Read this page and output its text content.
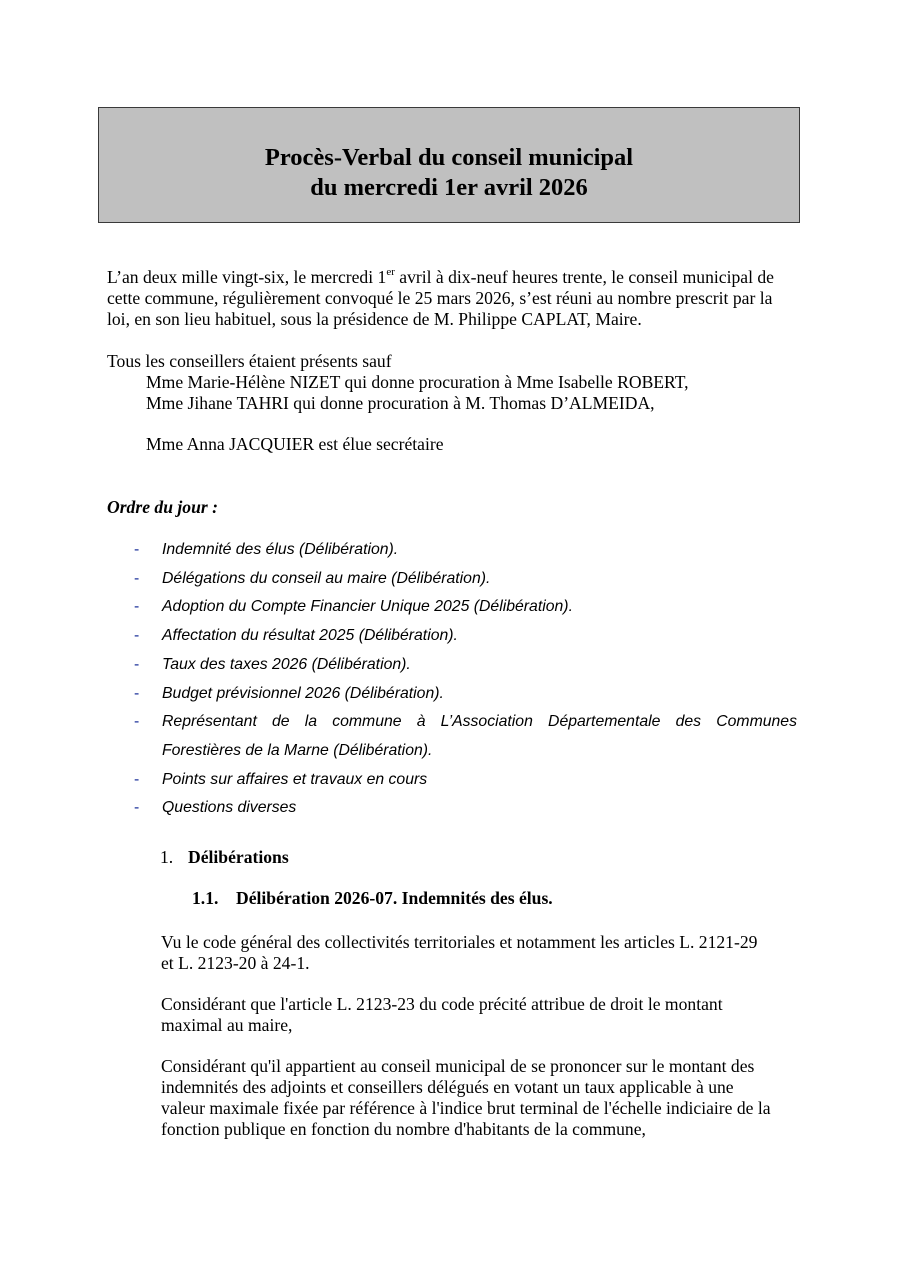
Procès-Verbal du conseil municipal
du mercredi 1er avril 2026
L’an deux mille vingt-six, le mercredi 1er avril à dix-neuf heures trente, le conseil municipal de
cette commune, régulièrement convoqué le 25 mars 2026, s’est réuni au nombre prescrit par la
loi, en son lieu habituel, sous la présidence de M. Philippe CAPLAT, Maire.
Tous les conseillers étaient présents sauf
Mme Marie-Hélène NIZET qui donne procuration à Mme Isabelle ROBERT,
Mme Jihane TAHRI qui donne procuration à M. Thomas D’ALMEIDA,
Mme Anna JACQUIER est élue secrétaire
Ordre du jour :
- Indemnité des élus (Délibération).
- Délégations du conseil au maire (Délibération).
- Adoption du Compte Financier Unique 2025 (Délibération).
- Affectation du résultat 2025 (Délibération).
- Taux des taxes 2026 (Délibération).
- Budget prévisionnel 2026 (Délibération).
- Représentant de la commune à L’Association Départementale des Communes
Forestières de la Marne (Délibération).
- Points sur affaires et travaux en cours
- Questions diverses
1. Délibérations
1.1. Délibération 2026-07. Indemnités des élus.
Vu le code général des collectivités territoriales et notamment les articles L. 2121-29
et L. 2123-20 à 24-1.
Considérant que l'article L. 2123-23 du code précité attribue de droit le montant
maximal au maire,
Considérant qu'il appartient au conseil municipal de se prononcer sur le montant des
indemnités des adjoints et conseillers délégués en votant un taux applicable à une
valeur maximale fixée par référence à l'indice brut terminal de l'échelle indiciaire de la
fonction publique en fonction du nombre d'habitants de la commune,
